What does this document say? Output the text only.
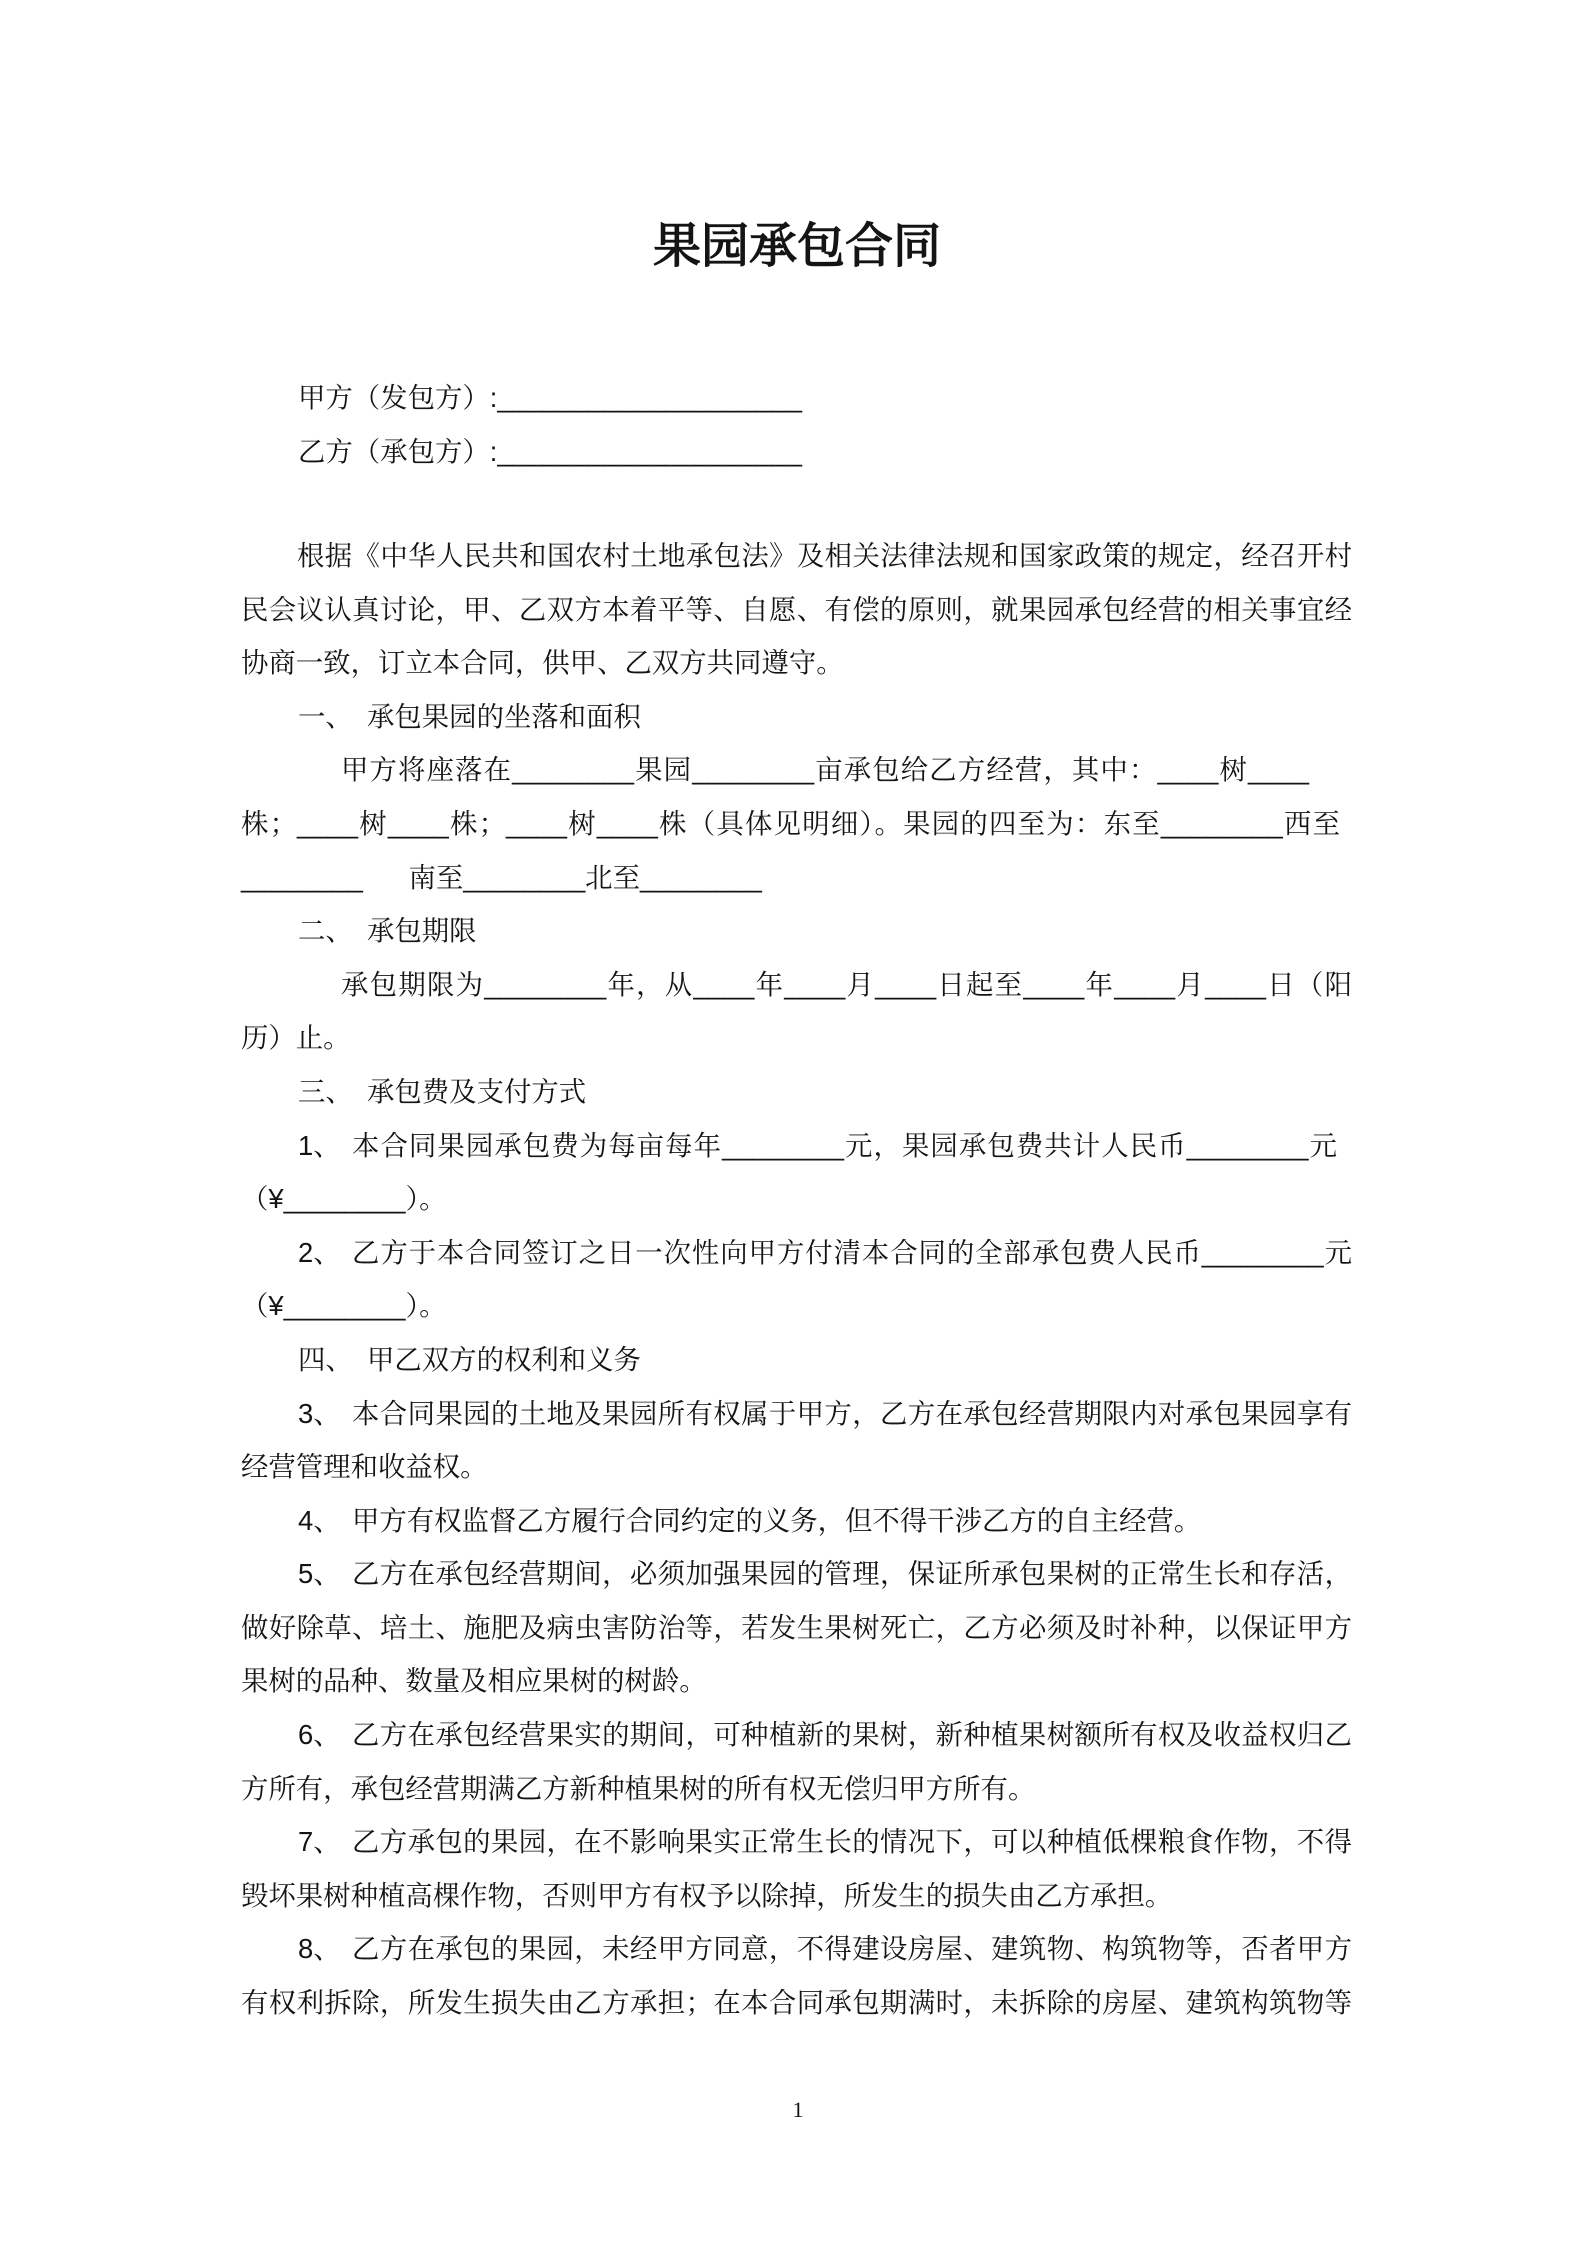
果园承包合同
甲方（发包方）:____________________
乙方（承包方）:____________________
根据《中华人民共和国农村土地承包法》及相关法律法规和国家政策的规定，经召开村
民会议认真讨论，甲、乙双方本着平等、自愿、有偿的原则，就果园承包经营的相关事宜经
协商一致，订立本合同，供甲、乙双方共同遵守。
一、 承包果园的坐落和面积
甲方将座落在________果园________亩承包给乙方经营，其中：____树____
株；____树____株；____树____株（具体见明细）。果园的四至为：东至________西至
________      南至________北至________
二、 承包期限
承包期限为________年，从____年____月____日起至____年____月____日（阳
历）止。
三、 承包费及支付方式
1、 本合同果园承包费为每亩每年________元，果园承包费共计人民币________元
（¥________）。
2、 乙方于本合同签订之日一次性向甲方付清本合同的全部承包费人民币________元
（¥________）。
四、 甲乙双方的权利和义务
3、 本合同果园的土地及果园所有权属于甲方，乙方在承包经营期限内对承包果园享有
经营管理和收益权。
4、 甲方有权监督乙方履行合同约定的义务，但不得干涉乙方的自主经营。
5、 乙方在承包经营期间，必须加强果园的管理，保证所承包果树的正常生长和存活，
做好除草、培土、施肥及病虫害防治等，若发生果树死亡，乙方必须及时补种，以保证甲方
果树的品种、数量及相应果树的树龄。
6、 乙方在承包经营果实的期间，可种植新的果树，新种植果树额所有权及收益权归乙
方所有，承包经营期满乙方新种植果树的所有权无偿归甲方所有。
7、 乙方承包的果园，在不影响果实正常生长的情况下，可以种植低棵粮食作物，不得
毁坏果树种植高棵作物，否则甲方有权予以除掉，所发生的损失由乙方承担。
8、 乙方在承包的果园，未经甲方同意，不得建设房屋、建筑物、构筑物等，否者甲方
有权利拆除，所发生损失由乙方承担；在本合同承包期满时，未拆除的房屋、建筑构筑物等
1
